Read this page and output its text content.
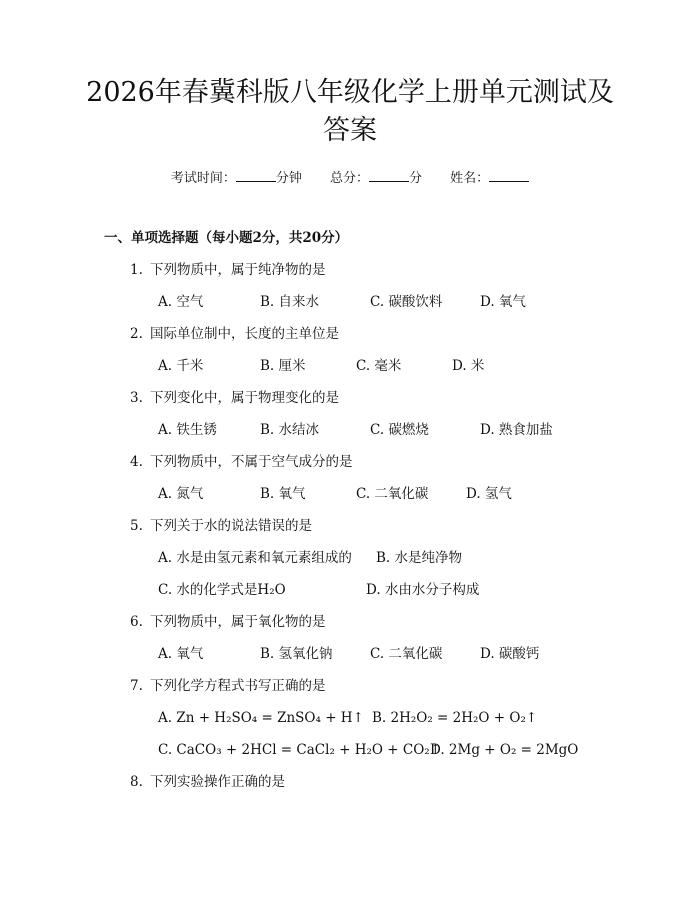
2026年春冀科版八年级化学上册单元测试及
答案
考试时间：	分钟 总分：	分 姓名：
一、单项选择题（每小题2分，共20分）
1. 下列物质中，属于纯净物的是
A. 空气	B. 自来水	C. 碳酸饮料	D. 氧气
2. 国际单位制中，长度的主单位是
A. 千米	B. 厘米	C. 毫米	D. 米
3. 下列变化中，属于物理变化的是
A. 铁生锈	B. 水结冰	C. 碳燃烧	D. 熟食加盐
4. 下列物质中，不属于空气成分的是
A. 氮气	B. 氧气	C. 二氧化碳	D. 氢气
5. 下列关于水的说法错误的是
A. 水是由氢元素和氧元素组成的 B. 水是纯净物
C. 水的化学式是H₂O	D. 水由水分子构成
6. 下列物质中，属于氧化物的是
A. 氧气	B. 氢氧化钠	C. 二氧化碳	D. 碳酸钙
7. 下列化学方程式书写正确的是
A. Zn + H₂SO₄ = ZnSO₄ + H↑ B. 2H₂O₂ = 2H₂O + O₂↑
C. CaCO₃ + 2HCl = CaCl₂ + H₂O + CO₂↑
D. 2Mg + O₂ = 2MgO
8. 下列实验操作正确的是
